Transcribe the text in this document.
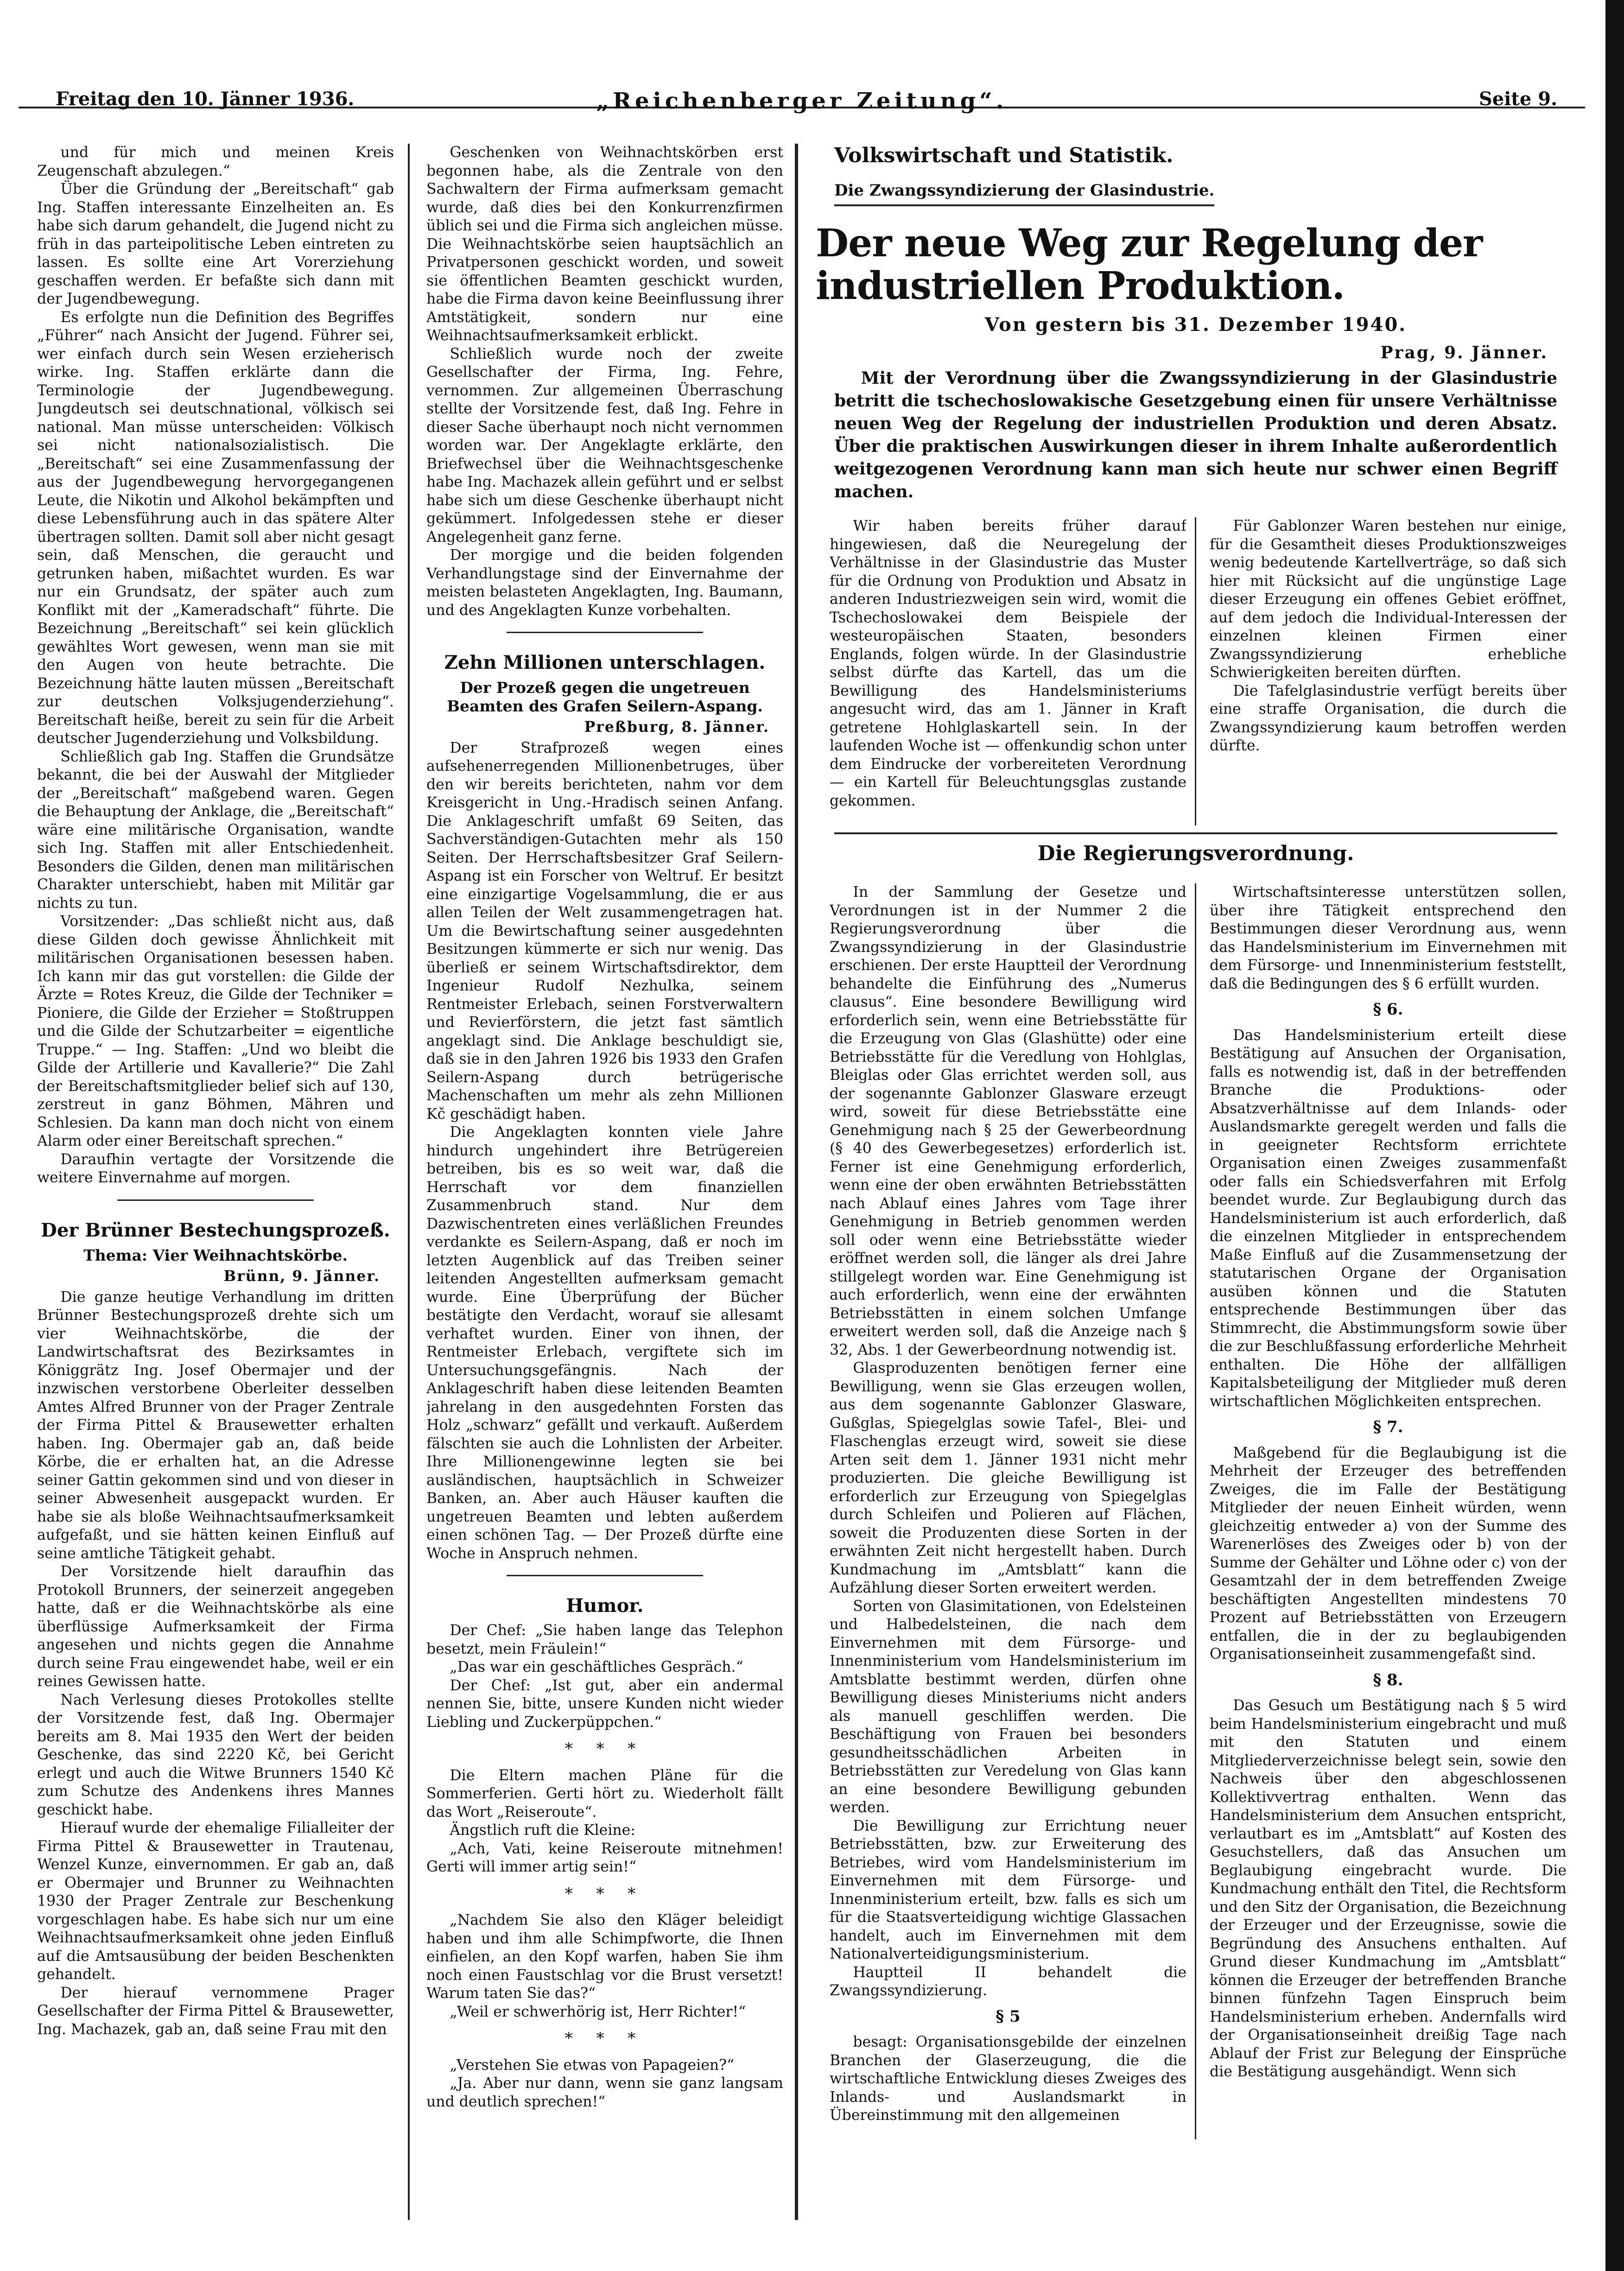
Freitag den 10. Jänner 1936.	„Reichenberger Zeitung“.	Seite 9.

und für mich und meinen Kreis Zeugenschaft abzulegen.“

Über die Gründung der „Bereitschaft“ gab Ing. Staffen interessante Einzelheiten an. Es habe sich darum gehandelt, die Jugend nicht zu früh in das parteipolitische Leben eintreten zu lassen. Es sollte eine Art Vorerziehung geschaffen werden. Er befaßte sich dann mit der Jugendbewegung.

Es erfolgte nun die Definition des Begriffes „Führer“ nach Ansicht der Jugend. Führer sei, wer einfach durch sein Wesen erzieherisch wirke. Ing. Staffen erklärte dann die Terminologie der Jugendbewegung. Jungdeutsch sei deutschnational, völkisch sei national. Man müsse unterscheiden: Völkisch sei nicht nationalsozialistisch. Die „Bereitschaft“ sei eine Zusammenfassung der aus der Jugendbewegung hervorgegangenen Leute, die Nikotin und Alkohol bekämpften und diese Lebensführung auch in das spätere Alter übertragen sollten. Damit soll aber nicht gesagt sein, daß Menschen, die geraucht und getrunken haben, mißachtet wurden. Es war nur ein Grundsatz, der später auch zum Konflikt mit der „Kameradschaft“ führte. Die Bezeichnung „Bereitschaft“ sei kein glücklich gewähltes Wort gewesen, wenn man sie mit den Augen von heute betrachte. Die Bezeichnung hätte lauten müssen „Bereitschaft zur deutschen Volksjugenderziehung“. Bereitschaft heiße, bereit zu sein für die Arbeit deutscher Jugenderziehung und Volksbildung.

Schließlich gab Ing. Staffen die Grundsätze bekannt, die bei der Auswahl der Mitglieder der „Bereitschaft“ maßgebend waren. Gegen die Behauptung der Anklage, die „Bereitschaft“ wäre eine militärische Organisation, wandte sich Ing. Staffen mit aller Entschiedenheit. Besonders die Gilden, denen man militärischen Charakter unterschiebt, haben mit Militär gar nichts zu tun.

Vorsitzender: „Das schließt nicht aus, daß diese Gilden doch gewisse Ähnlichkeit mit militärischen Organisationen besessen haben. Ich kann mir das gut vorstellen: die Gilde der Ärzte = Rotes Kreuz, die Gilde der Techniker = Pioniere, die Gilde der Erzieher = Stoßtruppen und die Gilde der Schutzarbeiter = eigentliche Truppe.“ — Ing. Staffen: „Und wo bleibt die Gilde der Artillerie und Kavallerie?“ Die Zahl der Bereitschaftsmitglieder belief sich auf 130, zerstreut in ganz Böhmen, Mähren und Schlesien. Da kann man doch nicht von einem Alarm oder einer Bereitschaft sprechen.“

Daraufhin vertagte der Vorsitzende die weitere Einvernahme auf morgen.

Der Brünner Bestechungsprozeß.

Thema: Vier Weihnachtskörbe.

Brünn, 9. Jänner.

Die ganze heutige Verhandlung im dritten Brünner Bestechungsprozeß drehte sich um vier Weihnachtskörbe, die der Landwirtschaftsrat des Bezirksamtes in Königgrätz Ing. Josef Obermajer und der inzwischen verstorbene Oberleiter desselben Amtes Alfred Brunner von der Prager Zentrale der Firma Pittel & Brausewetter erhalten haben. Ing. Obermajer gab an, daß beide Körbe, die er erhalten hat, an die Adresse seiner Gattin gekommen sind und von dieser in seiner Abwesenheit ausgepackt wurden. Er habe sie als bloße Weihnachtsaufmerksamkeit aufgefaßt, und sie hätten keinen Einfluß auf seine amtliche Tätigkeit gehabt.

Der Vorsitzende hielt daraufhin das Protokoll Brunners, der seinerzeit angegeben hatte, daß er die Weihnachtskörbe als eine überflüssige Aufmerksamkeit der Firma angesehen und nichts gegen die Annahme durch seine Frau eingewendet habe, weil er ein reines Gewissen hatte.

Nach Verlesung dieses Protokolles stellte der Vorsitzende fest, daß Ing. Obermajer bereits am 8. Mai 1935 den Wert der beiden Geschenke, das sind 2220 Kč, bei Gericht erlegt und auch die Witwe Brunners 1540 Kč zum Schutze des Andenkens ihres Mannes geschickt habe.

Hierauf wurde der ehemalige Filialleiter der Firma Pittel & Brausewetter in Trautenau, Wenzel Kunze, einvernommen. Er gab an, daß er Obermajer und Brunner zu Weihnachten 1930 der Prager Zentrale zur Beschenkung vorgeschlagen habe. Es habe sich nur um eine Weihnachtsaufmerksamkeit ohne jeden Einfluß auf die Amtsausübung der beiden Beschenkten gehandelt.

Der hierauf vernommene Prager Gesellschafter der Firma Pittel & Brausewetter, Ing. Machazek, gab an, daß seine Frau mit den

Geschenken von Weihnachtskörben erst begonnen habe, als die Zentrale von den Sachwaltern der Firma aufmerksam gemacht wurde, daß dies bei den Konkurrenzfirmen üblich sei und die Firma sich angleichen müsse. Die Weihnachtskörbe seien hauptsächlich an Privatpersonen geschickt worden, und soweit sie öffentlichen Beamten geschickt wurden, habe die Firma davon keine Beeinflussung ihrer Amtstätigkeit, sondern nur eine Weihnachtsaufmerksamkeit erblickt.

Schließlich wurde noch der zweite Gesellschafter der Firma, Ing. Fehre, vernommen. Zur allgemeinen Überraschung stellte der Vorsitzende fest, daß Ing. Fehre in dieser Sache überhaupt noch nicht vernommen worden war. Der Angeklagte erklärte, den Briefwechsel über die Weihnachtsgeschenke habe Ing. Machazek allein geführt und er selbst habe sich um diese Geschenke überhaupt nicht gekümmert. Infolgedessen stehe er dieser Angelegenheit ganz ferne.

Der morgige und die beiden folgenden Verhandlungstage sind der Einvernahme der meisten belasteten Angeklagten, Ing. Baumann, und des Angeklagten Kunze vorbehalten.

Zehn Millionen unterschlagen.

Der Prozeß gegen die ungetreuen Beamten des Grafen Seilern-Aspang.

Preßburg, 8. Jänner.

Der Strafprozeß wegen eines aufsehenerregenden Millionenbetruges, über den wir bereits berichteten, nahm vor dem Kreisgericht in Ung.-Hradisch seinen Anfang. Die Anklageschrift umfaßt 69 Seiten, das Sachverständigen-Gutachten mehr als 150 Seiten. Der Herrschaftsbesitzer Graf Seilern-Aspang ist ein Forscher von Weltruf. Er besitzt eine einzigartige Vogelsammlung, die er aus allen Teilen der Welt zusammengetragen hat. Um die Bewirtschaftung seiner ausgedehnten Besitzungen kümmerte er sich nur wenig. Das überließ er seinem Wirtschaftsdirektor, dem Ingenieur Rudolf Nezhulka, seinem Rentmeister Erlebach, seinen Forstverwaltern und Revierförstern, die jetzt fast sämtlich angeklagt sind. Die Anklage beschuldigt sie, daß sie in den Jahren 1926 bis 1933 den Grafen Seilern-Aspang durch betrügerische Machenschaften um mehr als zehn Millionen Kč geschädigt haben.

Die Angeklagten konnten viele Jahre hindurch ungehindert ihre Betrügereien betreiben, bis es so weit war, daß die Herrschaft vor dem finanziellen Zusammenbruch stand. Nur dem Dazwischentreten eines verläßlichen Freundes verdankte es Seilern-Aspang, daß er noch im letzten Augenblick auf das Treiben seiner leitenden Angestellten aufmerksam gemacht wurde. Eine Überprüfung der Bücher bestätigte den Verdacht, worauf sie allesamt verhaftet wurden. Einer von ihnen, der Rentmeister Erlebach, vergiftete sich im Untersuchungsgefängnis. Nach der Anklageschrift haben diese leitenden Beamten jahrelang in den ausgedehnten Forsten das Holz „schwarz“ gefällt und verkauft. Außerdem fälschten sie auch die Lohnlisten der Arbeiter. Ihre Millionengewinne legten sie bei ausländischen, hauptsächlich in Schweizer Banken, an. Aber auch Häuser kauften die ungetreuen Beamten und lebten außerdem einen schönen Tag. — Der Prozeß dürfte eine Woche in Anspruch nehmen.

Humor.

Der Chef: „Sie haben lange das Telephon besetzt, mein Fräulein!“

„Das war ein geschäftliches Gespräch.“

Der Chef: „Ist gut, aber ein andermal nennen Sie, bitte, unsere Kunden nicht wieder Liebling und Zuckerpüppchen.“

* * *

Die Eltern machen Pläne für die Sommerferien. Gerti hört zu. Wiederholt fällt das Wort „Reiseroute“.

Ängstlich ruft die Kleine:

„Ach, Vati, keine Reiseroute mitnehmen! Gerti will immer artig sein!“

* * *

„Nachdem Sie also den Kläger beleidigt haben und ihm alle Schimpfworte, die Ihnen einfielen, an den Kopf warfen, haben Sie ihm noch einen Faustschlag vor die Brust versetzt! Warum taten Sie das?“

„Weil er schwerhörig ist, Herr Richter!“

* * *

„Verstehen Sie etwas von Papageien?“

„Ja. Aber nur dann, wenn sie ganz langsam und deutlich sprechen!“

Volkswirtschaft und Statistik.
Die Zwangssyndizierung der Glasindustrie.
Der neue Weg zur Regelung der industriellen Produktion.
Von gestern bis 31. Dezember 1940.
Prag, 9. Jänner.
Mit der Verordnung über die Zwangssyndizierung in der Glasindustrie betritt die tschechoslowakische Gesetzgebung einen für unsere Verhältnisse neuen Weg der Regelung der industriellen Produktion und deren Absatz. Über die praktischen Auswirkungen dieser in ihrem Inhalte außerordentlich weitgezogenen Verordnung kann man sich heute nur schwer einen Begriff machen.

Wir haben bereits früher darauf hingewiesen, daß die Neuregelung der Verhältnisse in der Glasindustrie das Muster für die Ordnung von Produktion und Absatz in anderen Industriezweigen sein wird, womit die Tschechoslowakei dem Beispiele der westeuropäischen Staaten, besonders Englands, folgen würde. In der Glasindustrie selbst dürfte das Kartell, das um die Bewilligung des Handelsministeriums angesucht wird, das am 1. Jänner in Kraft getretene Hohlglaskartell sein. In der laufenden Woche ist — offenkundig schon unter dem Eindrucke der vorbereiteten Verordnung — ein Kartell für Beleuchtungsglas zustande gekommen.

Für Gablonzer Waren bestehen nur einige, für die Gesamtheit dieses Produktionszweiges wenig bedeutende Kartellverträge, so daß sich hier mit Rücksicht auf die ungünstige Lage dieser Erzeugung ein offenes Gebiet eröffnet, auf dem jedoch die Individual-Interessen der einzelnen kleinen Firmen einer Zwangssyndizierung erhebliche Schwierigkeiten bereiten dürften.

Die Tafelglasindustrie verfügt bereits über eine straffe Organisation, die durch die Zwangssyndizierung kaum betroffen werden dürfte.

Die Regierungsverordnung.

In der Sammlung der Gesetze und Verordnungen ist in der Nummer 2 die Regierungsverordnung über die Zwangssyndizierung in der Glasindustrie erschienen. Der erste Hauptteil der Verordnung behandelte die Einführung des „Numerus clausus“. Eine besondere Bewilligung wird erforderlich sein, wenn eine Betriebsstätte für die Erzeugung von Glas (Glashütte) oder eine Betriebsstätte für die Veredlung von Hohlglas, Bleiglas oder Glas errichtet werden soll, aus der sogenannte Gablonzer Glasware erzeugt wird, soweit für diese Betriebsstätte eine Genehmigung nach § 25 der Gewerbeordnung (§ 40 des Gewerbegesetzes) erforderlich ist. Ferner ist eine Genehmigung erforderlich, wenn eine der oben erwähnten Betriebsstätten nach Ablauf eines Jahres vom Tage ihrer Genehmigung in Betrieb genommen werden soll oder wenn eine Betriebsstätte wieder eröffnet werden soll, die länger als drei Jahre stillgelegt worden war. Eine Genehmigung ist auch erforderlich, wenn eine der erwähnten Betriebsstätten in einem solchen Umfange erweitert werden soll, daß die Anzeige nach § 32, Abs. 1 der Gewerbeordnung notwendig ist.

Glasproduzenten benötigen ferner eine Bewilligung, wenn sie Glas erzeugen wollen, aus dem sogenannte Gablonzer Glasware, Gußglas, Spiegelglas sowie Tafel-, Blei- und Flaschenglas erzeugt wird, soweit sie diese Arten seit dem 1. Jänner 1931 nicht mehr produzierten. Die gleiche Bewilligung ist erforderlich zur Erzeugung von Spiegelglas durch Schleifen und Polieren auf Flächen, soweit die Produzenten diese Sorten in der erwähnten Zeit nicht hergestellt haben. Durch Kundmachung im „Amtsblatt“ kann die Aufzählung dieser Sorten erweitert werden.

Sorten von Glasimitationen, von Edelsteinen und Halbedelsteinen, die nach dem Einvernehmen mit dem Fürsorge- und Innenministerium vom Handelsministerium im Amtsblatte bestimmt werden, dürfen ohne Bewilligung dieses Ministeriums nicht anders als manuell geschliffen werden. Die Beschäftigung von Frauen bei besonders gesundheitsschädlichen Arbeiten in Betriebsstätten zur Veredelung von Glas kann an eine besondere Bewilligung gebunden werden.

Die Bewilligung zur Errichtung neuer Betriebsstätten, bzw. zur Erweiterung des Betriebes, wird vom Handelsministerium im Einvernehmen mit dem Fürsorge- und Innenministerium erteilt, bzw. falls es sich um für die Staatsverteidigung wichtige Glassachen handelt, auch im Einvernehmen mit dem Nationalverteidigungsministerium.

Hauptteil II behandelt die Zwangssyndizierung.

§ 5

besagt: Organisationsgebilde der einzelnen Branchen der Glaserzeugung, die die wirtschaftliche Entwicklung dieses Zweiges des Inlands- und Auslandsmarkt in Übereinstimmung mit den allgemeinen

Wirtschaftsinteresse unterstützen sollen, über ihre Tätigkeit entsprechend den Bestimmungen dieser Verordnung aus, wenn das Handelsministerium im Einvernehmen mit dem Fürsorge- und Innenministerium feststellt, daß die Bedingungen des § 6 erfüllt wurden.

§ 6.

Das Handelsministerium erteilt diese Bestätigung auf Ansuchen der Organisation, falls es notwendig ist, daß in der betreffenden Branche die Produktions- oder Absatzverhältnisse auf dem Inlands- oder Auslandsmarkte geregelt werden und falls die in geeigneter Rechtsform errichtete Organisation einen Zweiges zusammenfaßt oder falls ein Schiedsverfahren mit Erfolg beendet wurde. Zur Beglaubigung durch das Handelsministerium ist auch erforderlich, daß die einzelnen Mitglieder in entsprechendem Maße Einfluß auf die Zusammensetzung der statutarischen Organe der Organisation ausüben können und die Statuten entsprechende Bestimmungen über das Stimmrecht, die Abstimmungsform sowie über die zur Beschlußfassung erforderliche Mehrheit enthalten. Die Höhe der allfälligen Kapitalsbeteiligung der Mitglieder muß deren wirtschaftlichen Möglichkeiten entsprechen.

§ 7.

Maßgebend für die Beglaubigung ist die Mehrheit der Erzeuger des betreffenden Zweiges, die im Falle der Bestätigung Mitglieder der neuen Einheit würden, wenn gleichzeitig entweder a) von der Summe des Warenerlöses des Zweiges oder b) von der Summe der Gehälter und Löhne oder c) von der Gesamtzahl der in dem betreffenden Zweige beschäftigten Angestellten mindestens 70 Prozent auf Betriebsstätten von Erzeugern entfallen, die in der zu beglaubigenden Organisationseinheit zusammengefaßt sind.

§ 8.

Das Gesuch um Bestätigung nach § 5 wird beim Handelsministerium eingebracht und muß mit den Statuten und einem Mitgliederverzeichnisse belegt sein, sowie den Nachweis über den abgeschlossenen Kollektivvertrag enthalten. Wenn das Handelsministerium dem Ansuchen entspricht, verlautbart es im „Amtsblatt“ auf Kosten des Gesuchstellers, daß das Ansuchen um Beglaubigung eingebracht wurde. Die Kundmachung enthält den Titel, die Rechtsform und den Sitz der Organisation, die Bezeichnung der Erzeuger und der Erzeugnisse, sowie die Begründung des Ansuchens enthalten. Auf Grund dieser Kundmachung im „Amtsblatt“ können die Erzeuger der betreffenden Branche binnen fünfzehn Tagen Einspruch beim Handelsministerium erheben. Andernfalls wird der Organisationseinheit dreißig Tage nach Ablauf der Frist zur Belegung der Einsprüche die Bestätigung ausgehändigt. Wenn sich
